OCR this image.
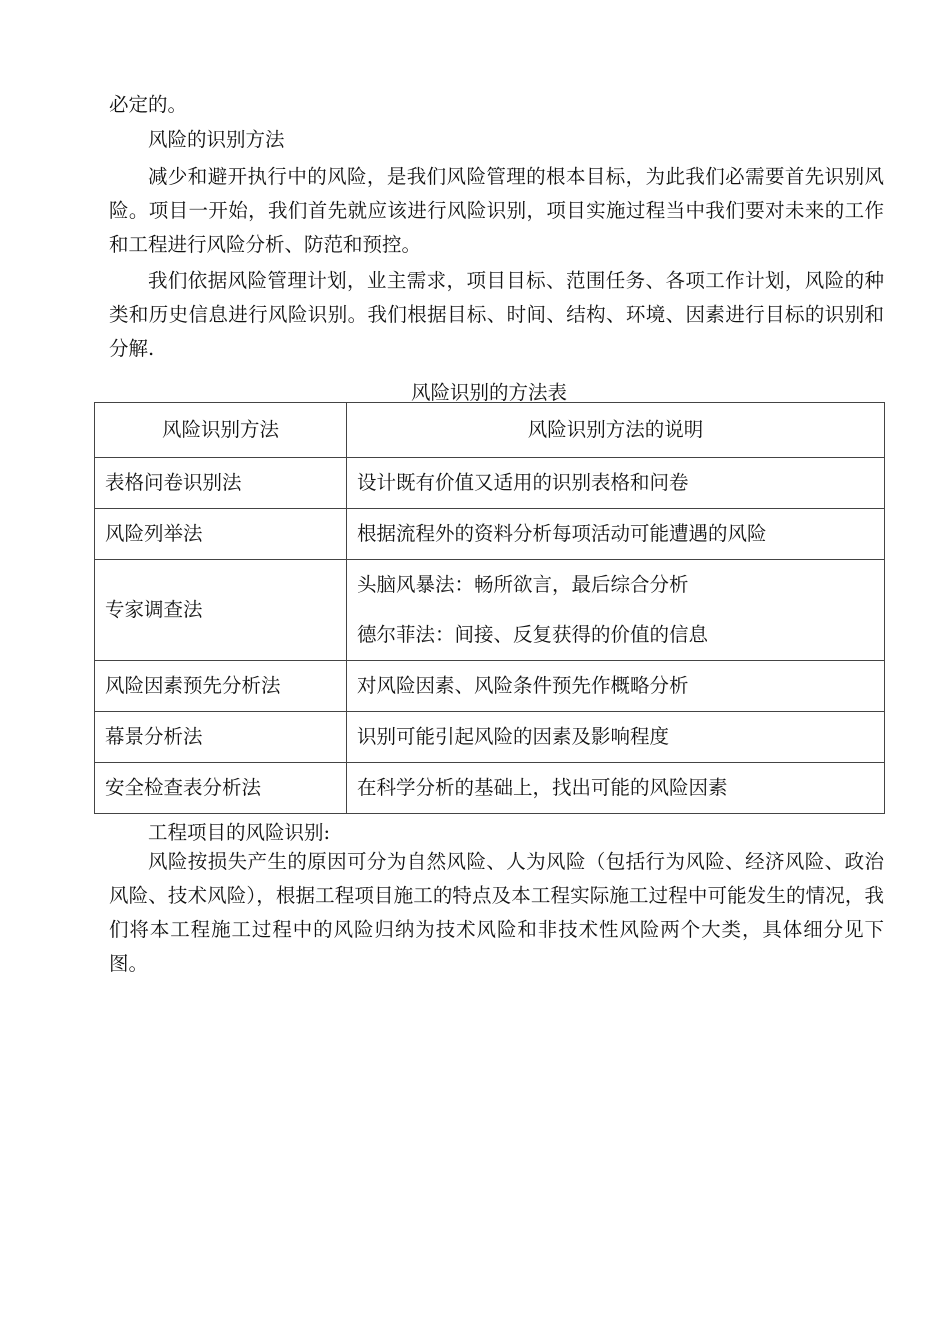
必定的。

风险的识别方法

减少和避开执行中的风险，是我们风险管理的根本目标，为此我们必需要首先识别风险。项目一开始，我们首先就应该进行风险识别，项目实施过程当中我们要对未来的工作和工程进行风险分析、防范和预控。

我们依据风险管理计划，业主需求，项目目标、范围任务、各项工作计划，风险的种类和历史信息进行风险识别。我们根据目标、时间、结构、环境、因素进行目标的识别和分解.

风险识别的方法表
风险识别方法	风险识别方法的说明
表格问卷识别法	设计既有价值又适用的识别表格和问卷
风险列举法	根据流程外的资料分析每项活动可能遭遇的风险
专家调查法	头脑风暴法：畅所欲言，最后综合分析
德尔菲法：间接、反复获得的价值的信息

风险因素预先分析法	对风险因素、风险条件预先作概略分析
幕景分析法	识别可能引起风险的因素及影响程度
安全检查表分析法	在科学分析的基础上，找出可能的风险因素

工程项目的风险识别:

风险按损失产生的原因可分为自然风险、人为风险（包括行为风险、经济风险、政治风险、技术风险），根据工程项目施工的特点及本工程实际施工过程中可能发生的情况，我们将本工程施工过程中的风险归纳为技术风险和非技术性风险两个大类，具体细分见下图。
